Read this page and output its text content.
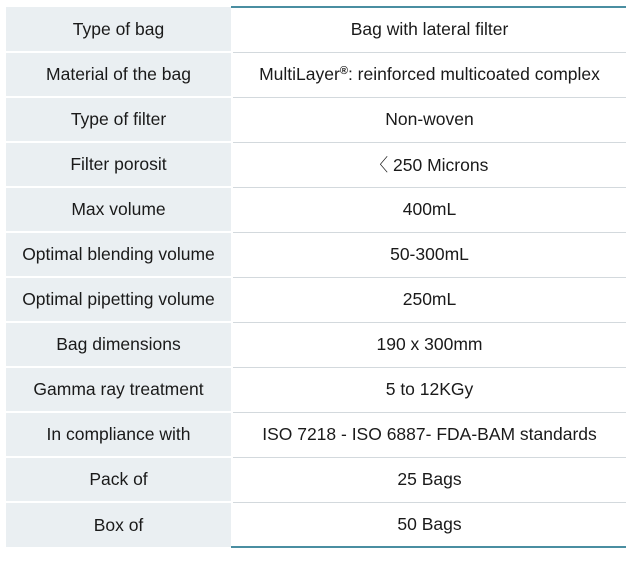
Type of bag	Bag with lateral filter
Material of the bag	MultiLayer®: reinforced multicoated complex
Type of filter	Non-woven
Filter porosit	〈 250 Microns
Max volume	400mL
Optimal blending volume	50-300mL
Optimal pipetting volume	250mL
Bag dimensions	190 x 300mm
Gamma ray treatment	5 to 12KGy
In compliance with	ISO 7218 - ISO 6887- FDA-BAM standards
Pack of	25 Bags
Box of	50 Bags
